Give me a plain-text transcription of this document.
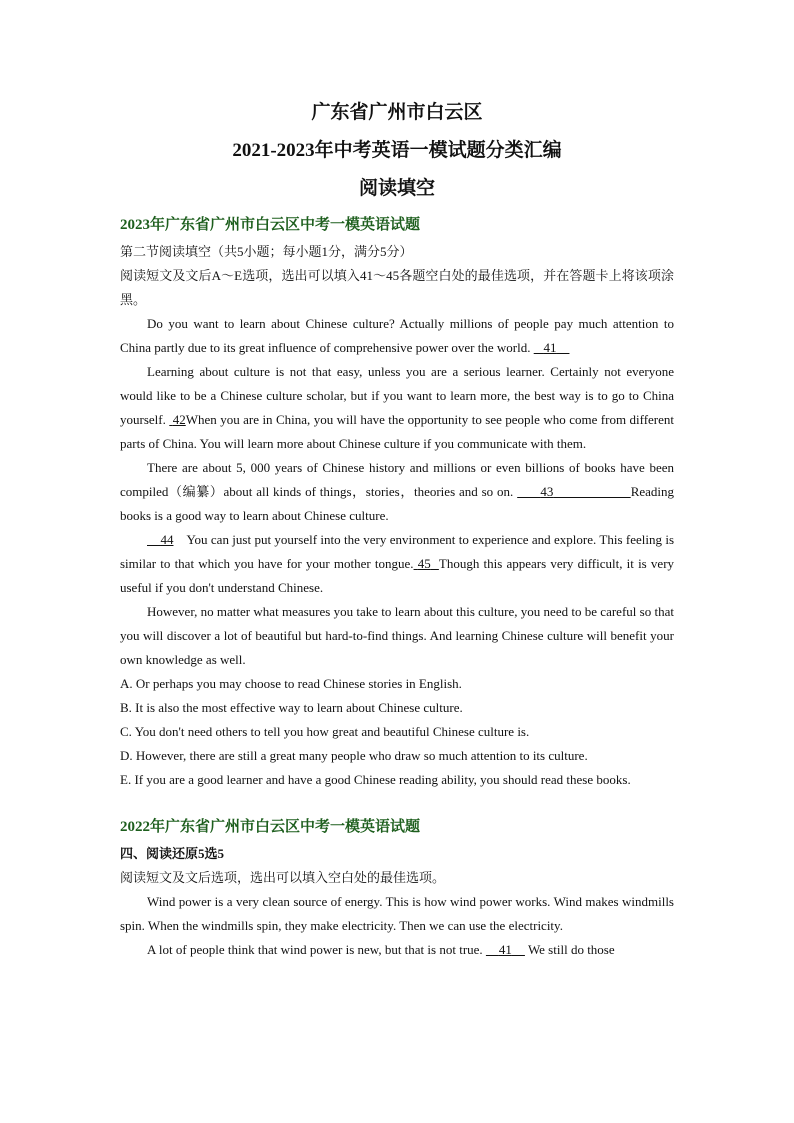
广东省广州市白云区

2021-2023年中考英语一模试题分类汇编

阅读填空

2023年广东省广州市白云区中考一模英语试题

第二节阅读填空（共5小题；每小题1分，满分5分）

阅读短文及文后A～E选项，选出可以填入41～45各题空白处的最佳选项，并在答题卡上将该项涂黑。

Do you want to learn about Chinese culture? Actually millions of people pay much attention to China partly due to its great influence of comprehensive power over the world. 41

Learning about culture is not that easy, unless you are a serious learner. Certainly not everyone would like to be a Chinese culture scholar, but if you want to learn more, the best way is to go to China yourself. 42When you are in China, you will have the opportunity to see people who come from different parts of China. You will learn more about Chinese culture if you communicate with them.

There are about 5, 000 years of Chinese history and millions or even billions of books have been compiled（编纂）about all kinds of things，stories，theories and so on. 43	Reading books is a good way to learn about Chinese culture.

44 You can just put yourself into the very environment to experience and explore. This feeling is similar to that which you have for your mother tongue. 45 Though this appears very difficult, it is very useful if you don't understand Chinese.

However, no matter what measures you take to learn about this culture, you need to be careful so that you will discover a lot of beautiful but hard-to-find things. And learning Chinese culture will benefit your own knowledge as well.

A. Or perhaps you may choose to read Chinese stories in English.

B. It is also the most effective way to learn about Chinese culture.

C. You don't need others to tell you how great and beautiful Chinese culture is.

D. However, there are still a great many people who draw so much attention to its culture.

E. If you are a good learner and have a good Chinese reading ability, you should read these books.

2022年广东省广州市白云区中考一模英语试题

四、阅读还原5选5

阅读短文及文后选项，选出可以填入空白处的最佳选项。

Wind power is a very clean source of energy. This is how wind power works. Wind makes windmills spin. When the windmills spin, they make electricity. Then we can use the electricity.

A lot of people think that wind power is new, but that is not true. 41 We still do those
